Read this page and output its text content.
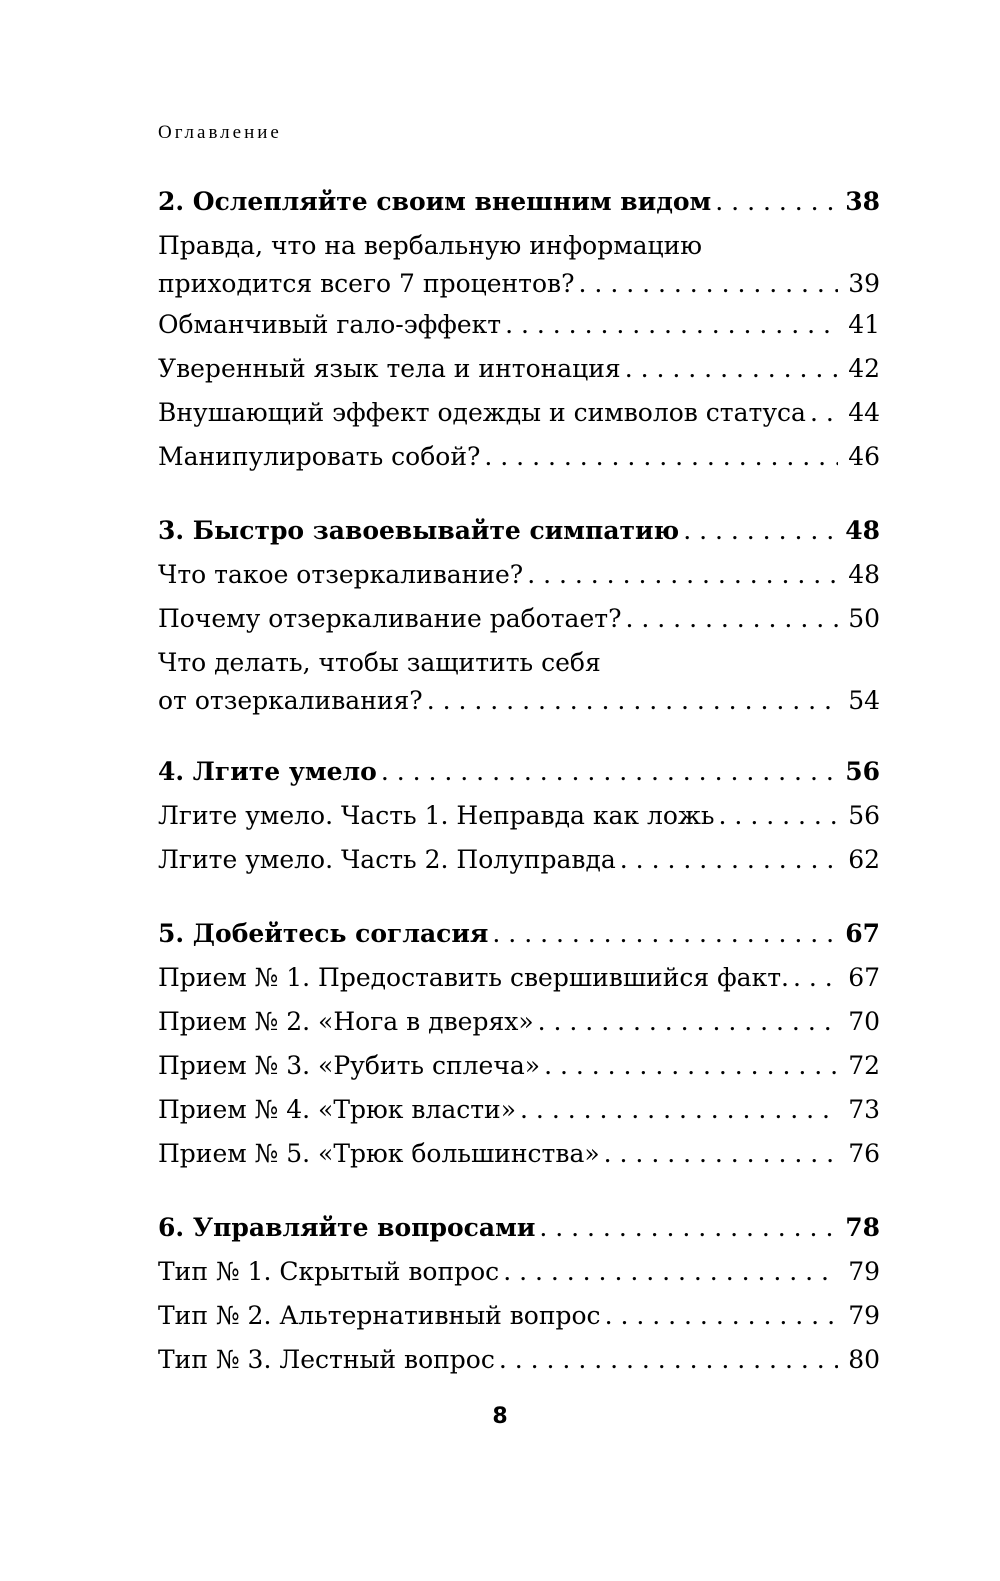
Оглавление
2. Ослепляйте своим внешним видом . . .	38
Правда, что на вербальную информацию
приходится всего 7 процентов? . . .	39
Обманчивый гало-эффект . . .	41
Уверенный язык тела и интонация . . .	42
Внушающий эффект одежды и символов статуса . . . 44
Манипулировать собой? . . .	46
3. Быстро завоевывайте симпатию . . .	48
Что такое отзеркаливание? . . .	48
Почему отзеркаливание работает? . . .	50
Что делать, чтобы защитить себя
от отзеркаливания? . . .	54
4. Лгите умело . . .	56
Лгите умело. Часть 1. Неправда как ложь . . .	56
Лгите умело. Часть 2. Полуправда . . .	62
5. Добейтесь согласия . . .	67
Прием № 1. Предоставить свершившийся факт. . . . 67
Прием № 2. «Нога в дверях» . . .	70
Прием № 3. «Рубить сплеча» . . .	72
Прием № 4. «Трюк власти» . . .	73
Прием № 5. «Трюк большинства» . . .	76
6. Управляйте вопросами . . .	78
Тип № 1. Скрытый вопрос . . .	79
Тип № 2. Альтернативный вопрос . . .	79
Тип № 3. Лестный вопрос . . .	80
8
